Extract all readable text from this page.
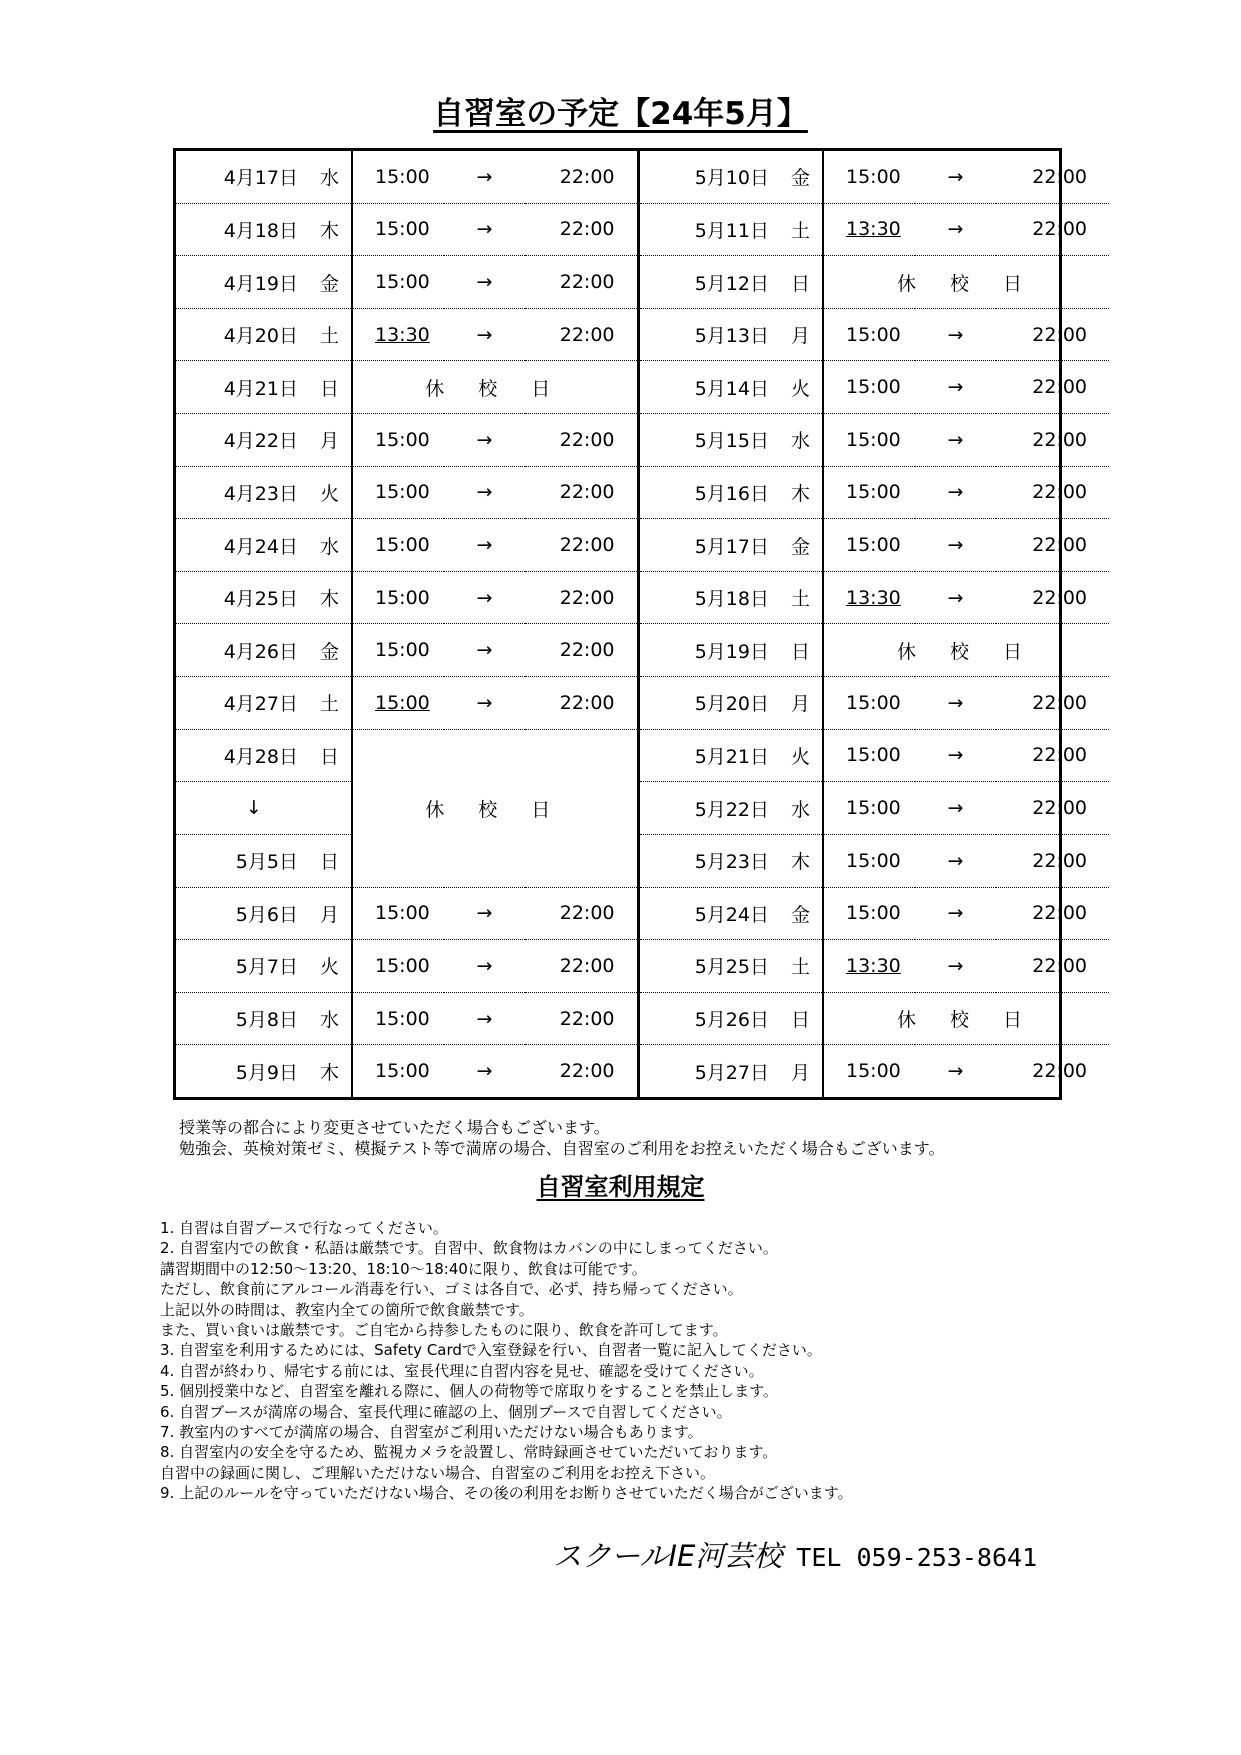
自習室の予定【24年5月】
4月17日 水	15:00	→	22:00	5月10日 金	15:00	→	22:00
4月18日 木	15:00	→	22:00	5月11日 土	13:30	→	22:00
4月19日 金	15:00	→	22:00	5月12日 日	休 校 日		
4月20日 土	13:30	→	22:00	5月13日 月	15:00	→	22:00
4月21日 日	休 校 日			5月14日 火	15:00	→	22:00
4月22日 月	15:00	→	22:00	5月15日 水	15:00	→	22:00
4月23日 火	15:00	→	22:00	5月16日 木	15:00	→	22:00
4月24日 水	15:00	→	22:00	5月17日 金	15:00	→	22:00
4月25日 木	15:00	→	22:00	5月18日 土	13:30	→	22:00
4月26日 金	15:00	→	22:00	5月19日 日	休 校 日		
4月27日 土	15:00	→	22:00	5月20日 月	15:00	→	22:00
4月28日 日	休 校 日			5月21日 火	15:00	→	22:00
↓				5月22日 水	15:00	→	22:00
5月5日 日				5月23日 木	15:00	→	22:00
5月6日 月	15:00	→	22:00	5月24日 金	15:00	→	22:00
5月7日 火	15:00	→	22:00	5月25日 土	13:30	→	22:00
5月8日 水	15:00	→	22:00	5月26日 日	休 校 日		
5月9日 木	15:00	→	22:00	5月27日 月	15:00	→	22:00
授業等の都合により変更させていただく場合もございます。
勉強会、英検対策ゼミ、模擬テスト等で満席の場合、自習室のご利用をお控えいただく場合もございます。
自習室利用規定
1. 自習は自習ブースで行なってください。
2. 自習室内での飲食・私語は厳禁です。自習中、飲食物はカバンの中にしまってください。
講習期間中の12:50～13:20、18:10～18:40に限り、飲食は可能です。
ただし、飲食前にアルコール消毒を行い、ゴミは各自で、必ず、持ち帰ってください。
上記以外の時間は、教室内全ての箇所で飲食厳禁です。
また、買い食いは厳禁です。ご自宅から持参したものに限り、飲食を許可してます。
3. 自習室を利用するためには、Safety Cardで入室登録を行い、自習者一覧に記入してください。
4. 自習が終わり、帰宅する前には、室長代理に自習内容を見せ、確認を受けてください。
5. 個別授業中など、自習室を離れる際に、個人の荷物等で席取りをすることを禁止します。
6. 自習ブースが満席の場合、室長代理に確認の上、個別ブースで自習してください。
7. 教室内のすべてが満席の場合、自習室がご利用いただけない場合もあります。
8. 自習室内の安全を守るため、監視カメラを設置し、常時録画させていただいております。
自習中の録画に関し、ご理解いただけない場合、自習室のご利用をお控え下さい。
9. 上記のルールを守っていただけない場合、その後の利用をお断りさせていただく場合がございます。
スクールIE河芸校 TEL 059-253-8641
